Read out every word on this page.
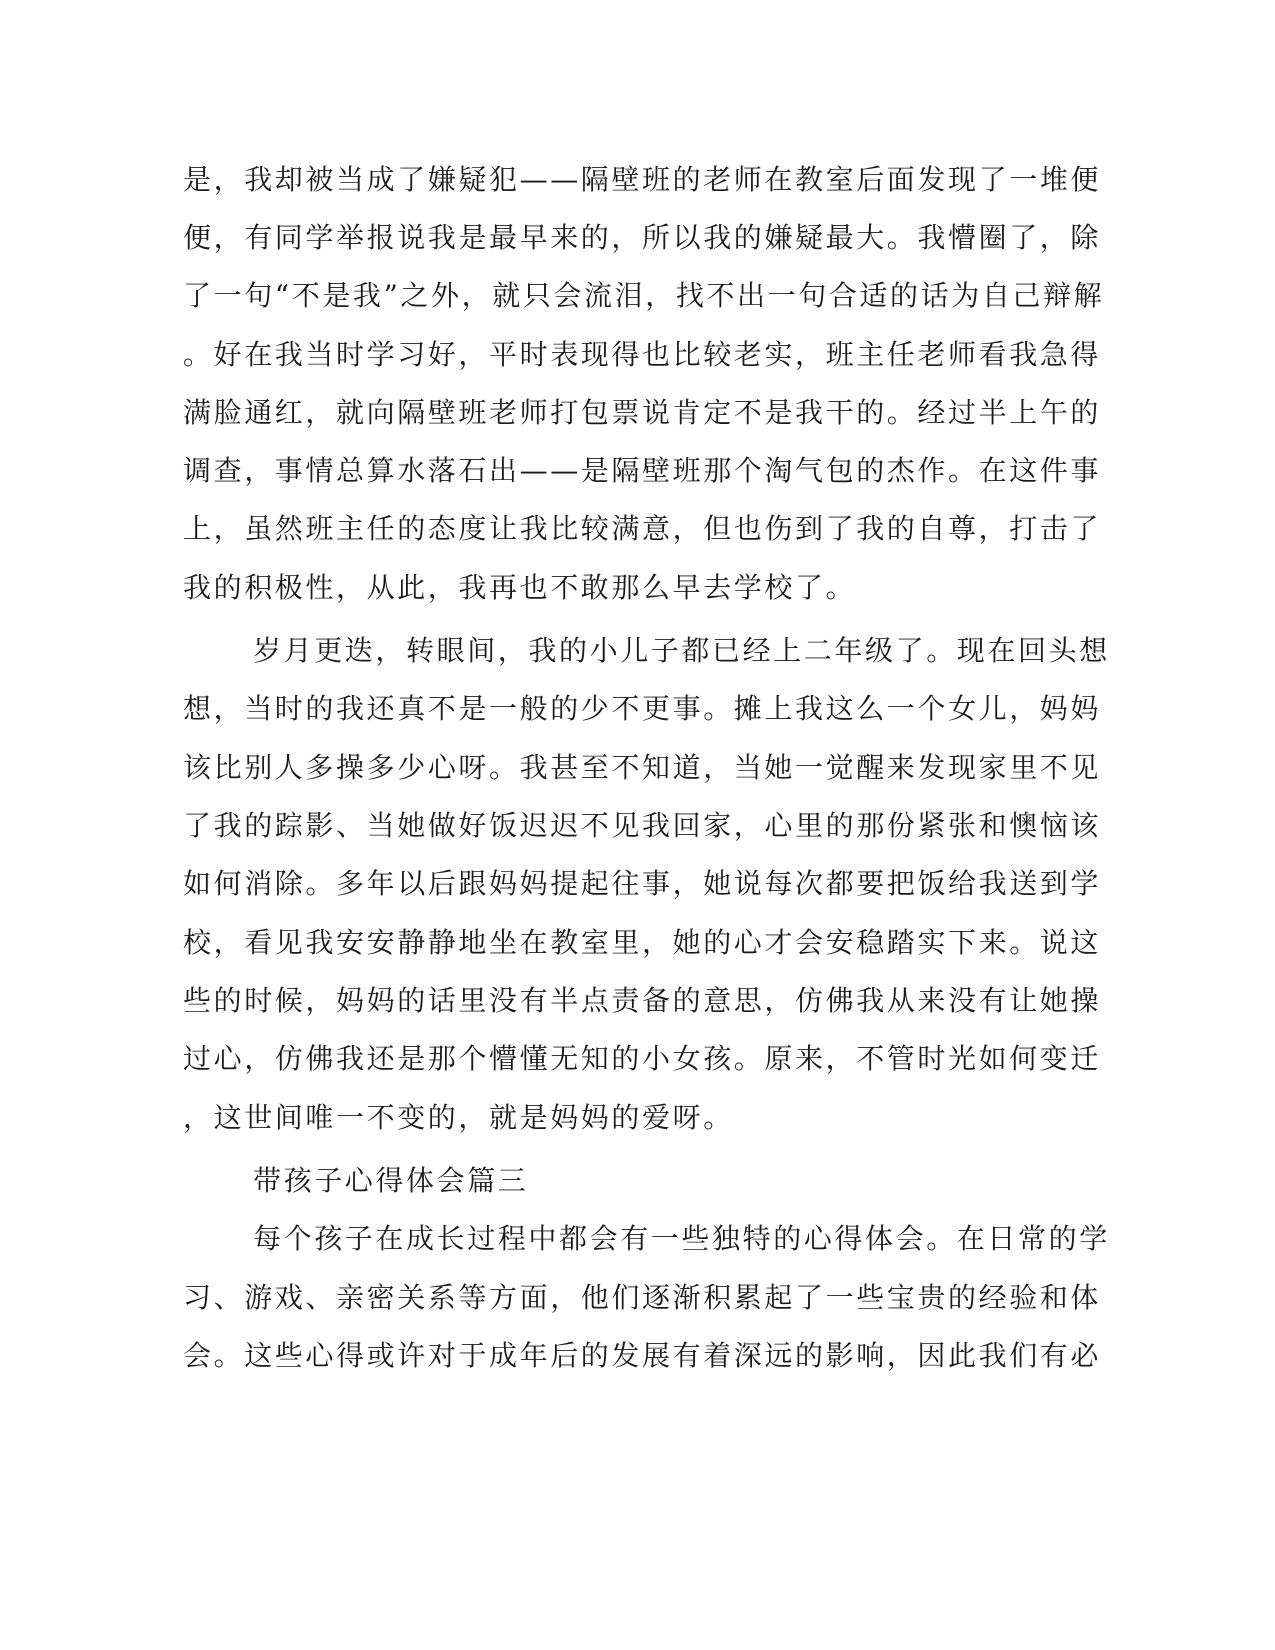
是，我却被当成了嫌疑犯——隔壁班的老师在教室后面发现了一堆便
便，有同学举报说我是最早来的，所以我的嫌疑最大。我懵圈了，除
了一句“不是我”之外，就只会流泪，找不出一句合适的话为自己辩解
。好在我当时学习好，平时表现得也比较老实，班主任老师看我急得
满脸通红，就向隔壁班老师打包票说肯定不是我干的。经过半上午的
调查，事情总算水落石出——是隔壁班那个淘气包的杰作。在这件事
上，虽然班主任的态度让我比较满意，但也伤到了我的自尊，打击了
我的积极性，从此，我再也不敢那么早去学校了。
岁月更迭，转眼间，我的小儿子都已经上二年级了。现在回头想
想，当时的我还真不是一般的少不更事。摊上我这么一个女儿，妈妈
该比别人多操多少心呀。我甚至不知道，当她一觉醒来发现家里不见
了我的踪影、当她做好饭迟迟不见我回家，心里的那份紧张和懊恼该
如何消除。多年以后跟妈妈提起往事，她说每次都要把饭给我送到学
校，看见我安安静静地坐在教室里，她的心才会安稳踏实下来。说这
些的时候，妈妈的话里没有半点责备的意思，仿佛我从来没有让她操
过心，仿佛我还是那个懵懂无知的小女孩。原来，不管时光如何变迁
，这世间唯一不变的，就是妈妈的爱呀。
带孩子心得体会篇三
每个孩子在成长过程中都会有一些独特的心得体会。在日常的学
习、游戏、亲密关系等方面，他们逐渐积累起了一些宝贵的经验和体
会。这些心得或许对于成年后的发展有着深远的影响，因此我们有必
